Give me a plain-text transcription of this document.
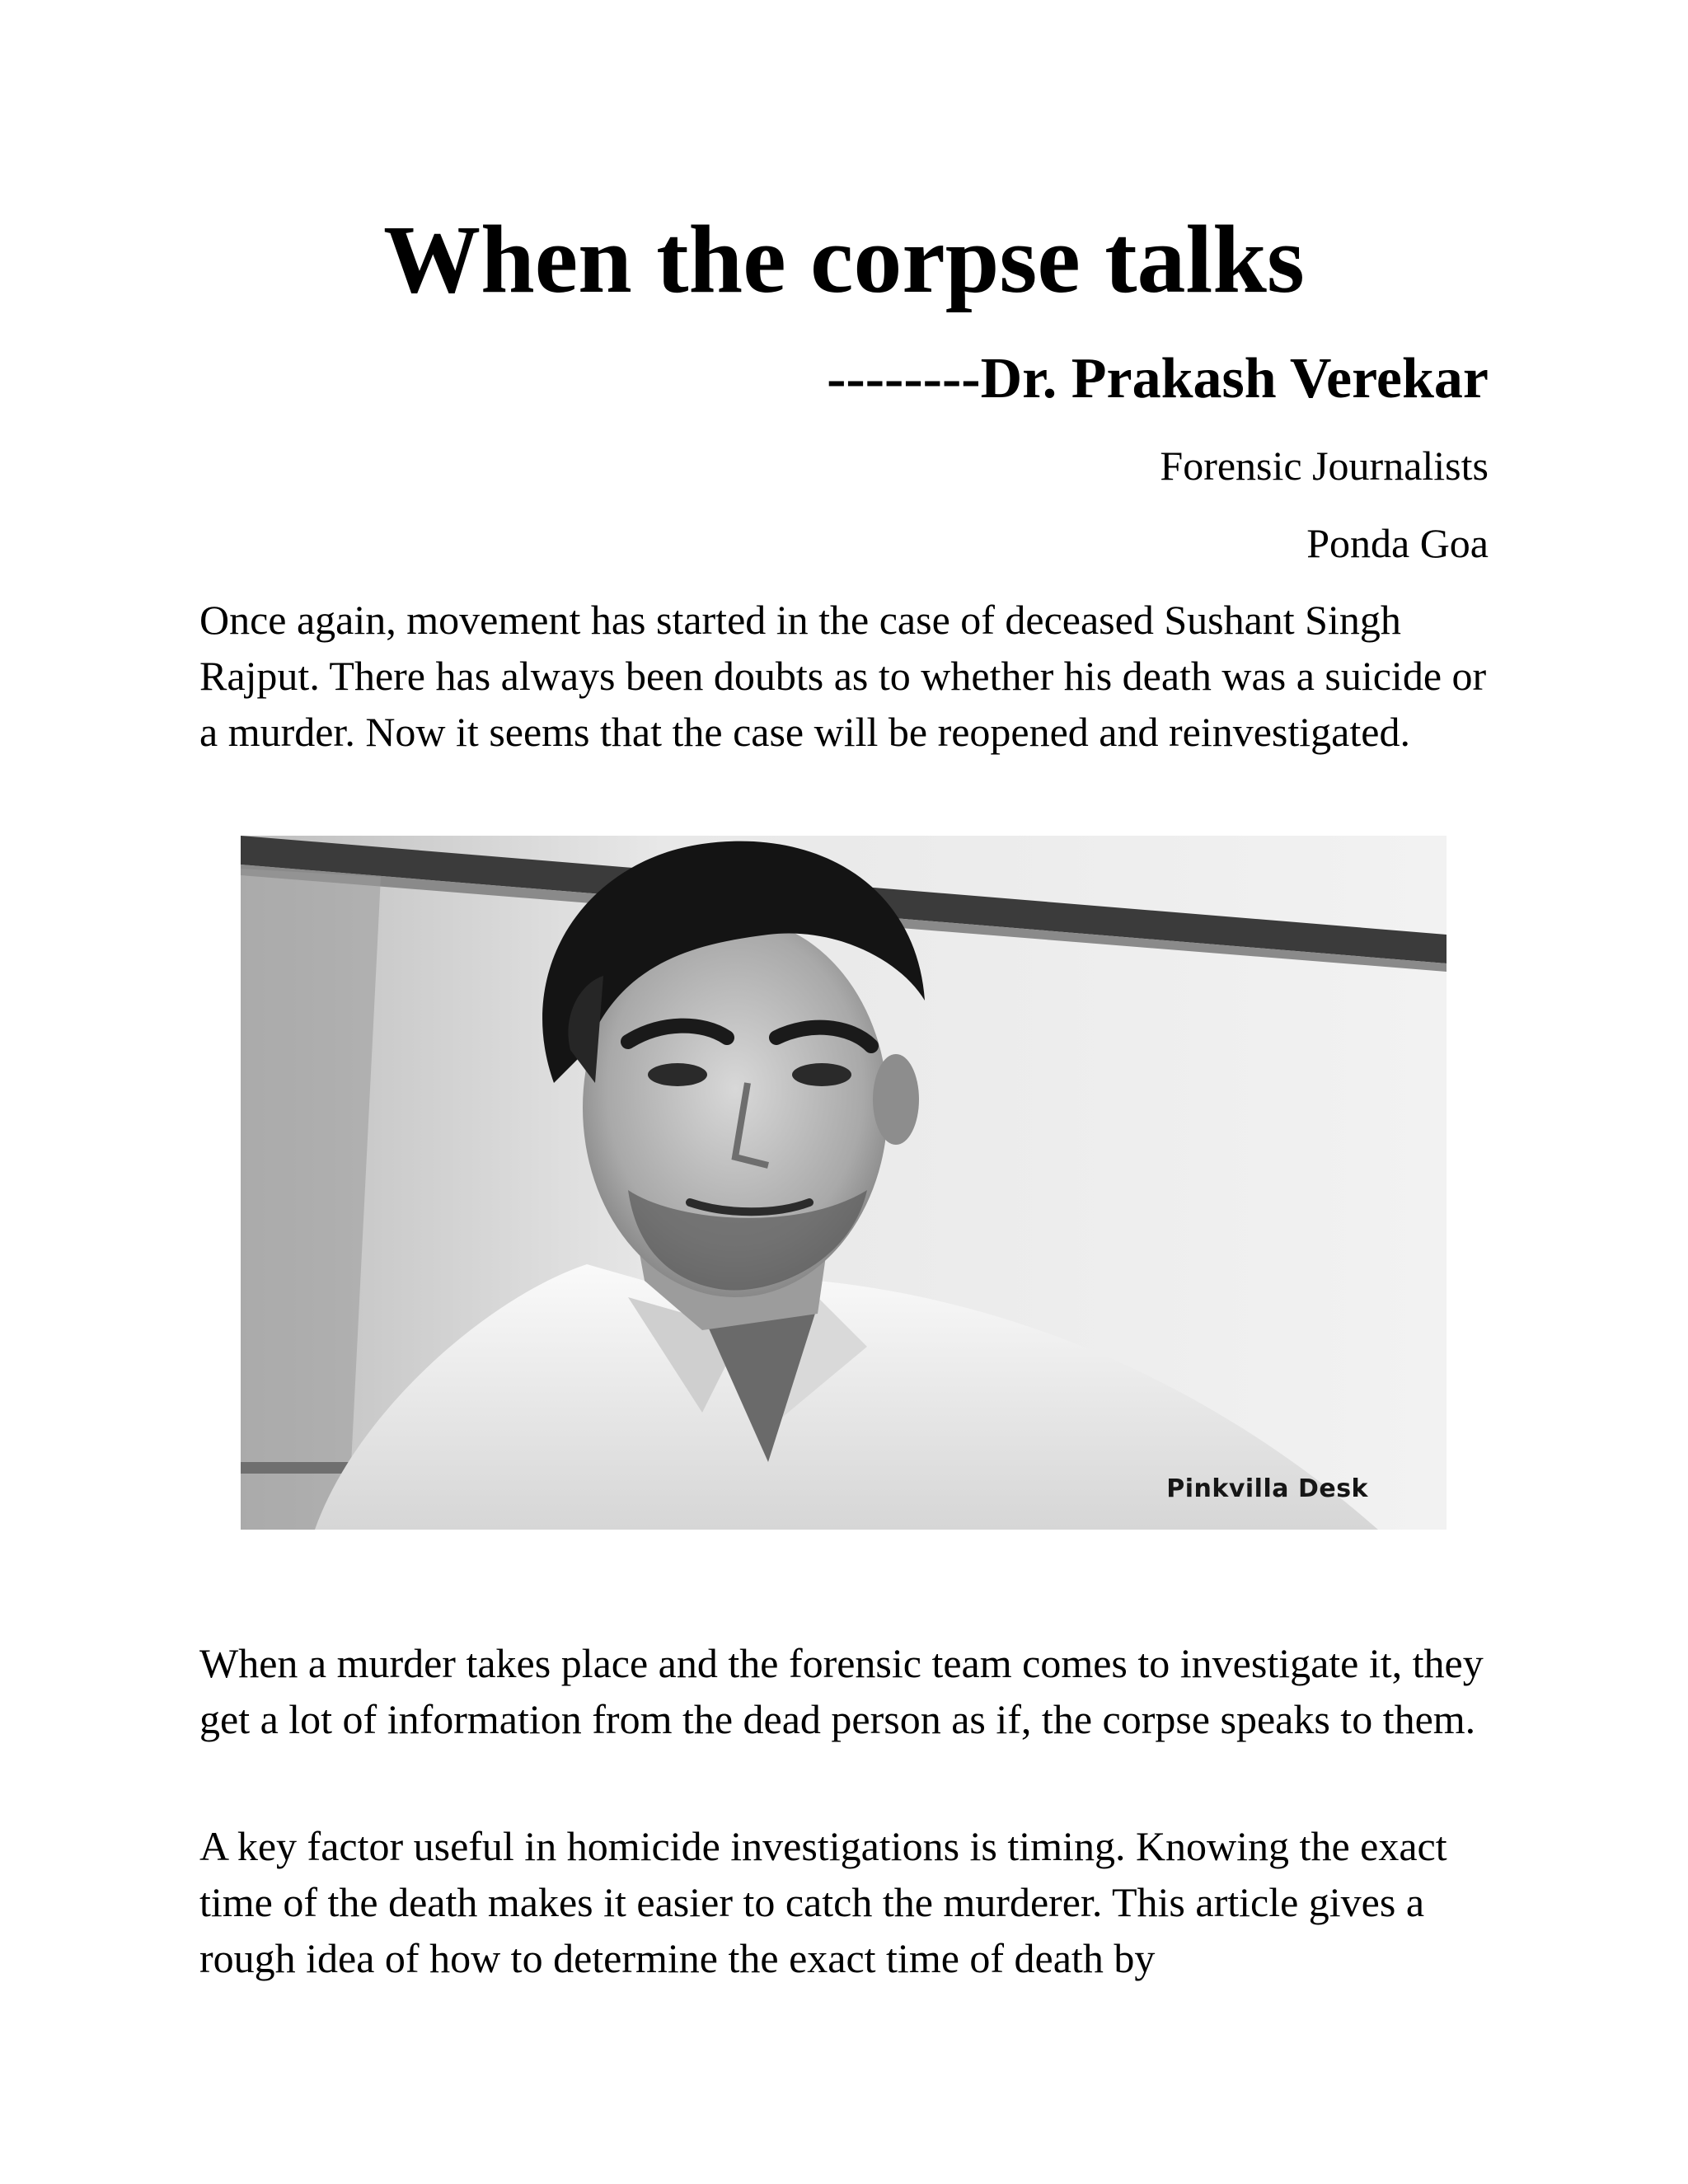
When the corpse talks
--------Dr. Prakash Verekar
Forensic Journalists
Ponda Goa

Once again, movement has started in the case of deceased Sushant Singh Rajput. There has always been doubts as to whether his death was a suicide or a murder. Now it seems that the case will be reopened and reinvestigated.

Pinkvilla Desk

When a murder takes place and the forensic team comes to investigate it, they get a lot of information from the dead person as if, the corpse speaks to them.

A key factor useful in homicide investigations is timing. Knowing the exact time of the death makes it easier to catch the murderer. This article gives a rough idea of how to determine the exact time of death by
